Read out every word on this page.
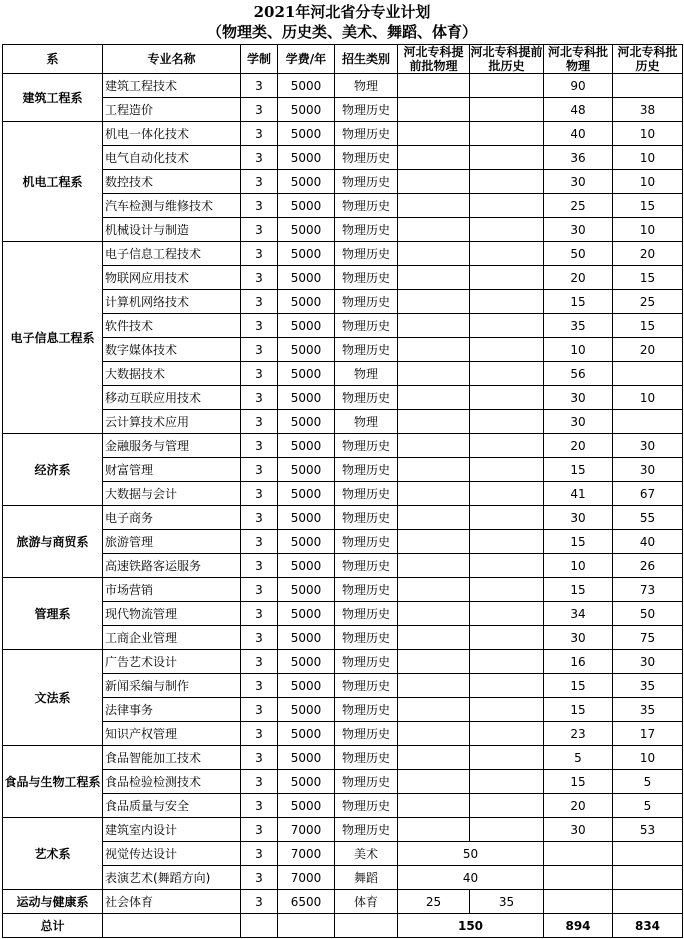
2021年河北省分专业计划
（物理类、历史类、美术、舞蹈、体育）
系	专业名称	学制	学费/年	招生类别	河北专科提前批物理	河北专科提前批历史	河北专科批物理	河北专科批历史
建筑工程系	建筑工程技术	3	5000	物理			90	
	工程造价	3	5000	物理历史			48	38
机电工程系	机电一体化技术	3	5000	物理历史			40	10
	电气自动化技术	3	5000	物理历史			36	10
	数控技术	3	5000	物理历史			30	10
	汽车检测与维修技术	3	5000	物理历史			25	15
	机械设计与制造	3	5000	物理历史			30	10
电子信息工程系	电子信息工程技术	3	5000	物理历史			50	20
	物联网应用技术	3	5000	物理历史			20	15
	计算机网络技术	3	5000	物理历史			15	25
	软件技术	3	5000	物理历史			35	15
	数字媒体技术	3	5000	物理历史			10	20
	大数据技术	3	5000	物理			56	
	移动互联应用技术	3	5000	物理历史			30	10
	云计算技术应用	3	5000	物理			30	
经济系	金融服务与管理	3	5000	物理历史			20	30
	财富管理	3	5000	物理历史			15	30
	大数据与会计	3	5000	物理历史			41	67
旅游与商贸系	电子商务	3	5000	物理历史			30	55
	旅游管理	3	5000	物理历史			15	40
	高速铁路客运服务	3	5000	物理历史			10	26
管理系	市场营销	3	5000	物理历史			15	73
	现代物流管理	3	5000	物理历史			34	50
	工商企业管理	3	5000	物理历史			30	75
文法系	广告艺术设计	3	5000	物理历史			16	30
	新闻采编与制作	3	5000	物理历史			15	35
	法律事务	3	5000	物理历史			15	35
	知识产权管理	3	5000	物理历史			23	17
食品与生物工程系	食品智能加工技术	3	5000	物理历史			5	10
	食品检验检测技术	3	5000	物理历史			15	5
	食品质量与安全	3	5000	物理历史			20	5
艺术系	建筑室内设计	3	7000	物理历史			30	53
	视觉传达设计	3	7000	美术	50			
	表演艺术(舞蹈方向)	3	7000	舞蹈	40			
运动与健康系	社会体育	3	6500	体育	25	35		
总计					150		894	834
